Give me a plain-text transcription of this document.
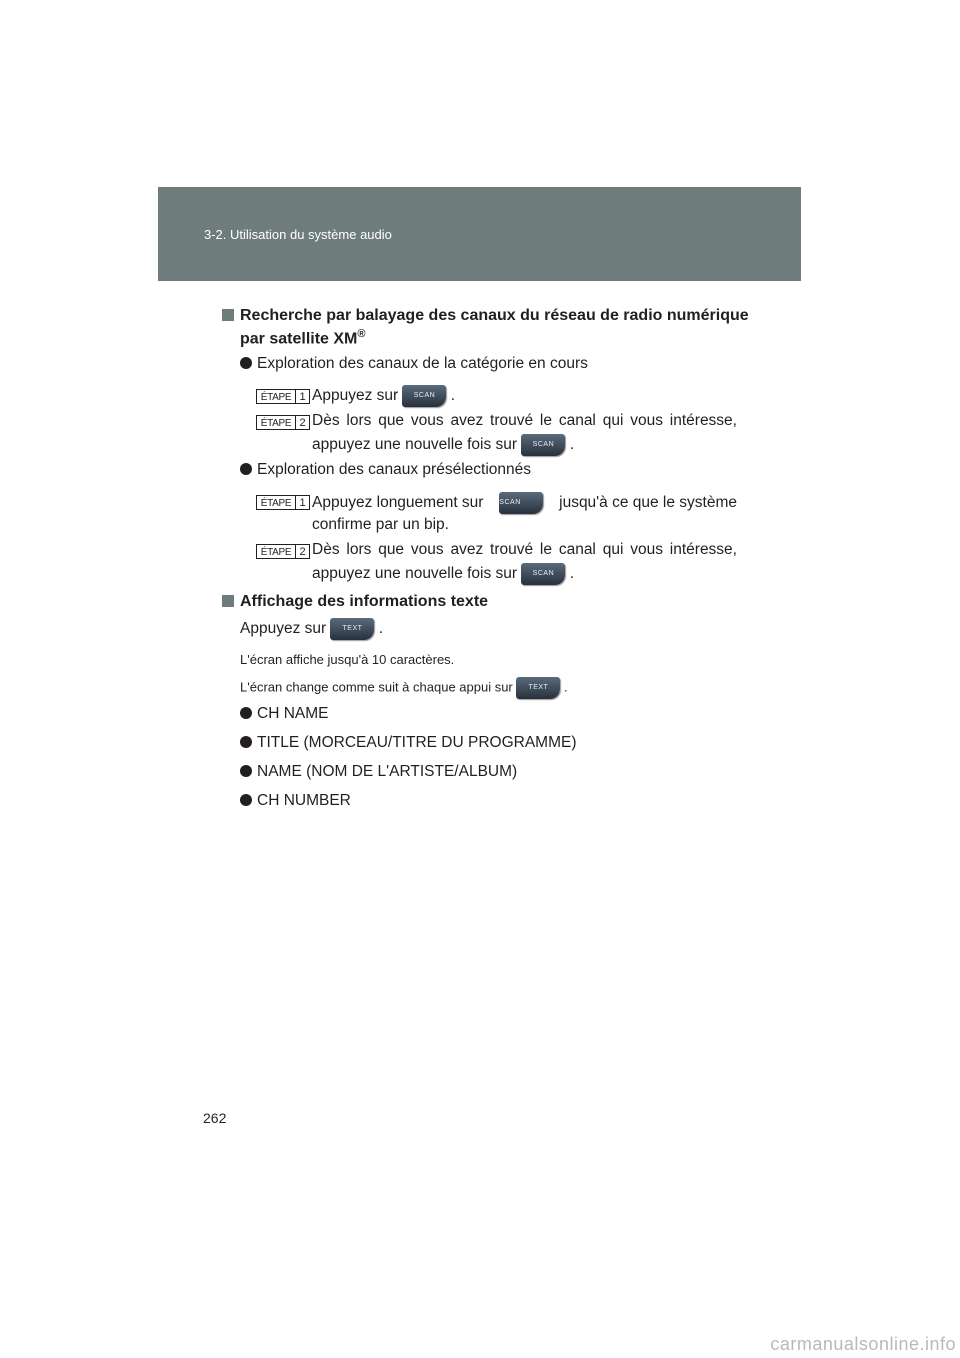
3-2. Utilisation du système audio
Recherche par balayage des canaux du réseau de radio numérique
par satellite XM®
Exploration des canaux de la catégorie en cours
ÉTAPE 1 Appuyez sur SCAN .
ÉTAPE 2 Dès lors que vous avez trouvé le canal qui vous intéresse,
appuyez une nouvelle fois sur SCAN .
Exploration des canaux présélectionnés
ÉTAPE 1 Appuyez longuement sur SCAN	jusqu'à ce que le système
confirme par un bip.
ÉTAPE 2 Dès lors que vous avez trouvé le canal qui vous intéresse,
appuyez une nouvelle fois sur SCAN .
Affichage des informations texte
Appuyez sur TEXT .
L'écran affiche jusqu'à 10 caractères.
L'écran change comme suit à chaque appui sur TEXT .
CH NAME
TITLE (MORCEAU/TITRE DU PROGRAMME)
NAME (NOM DE L'ARTISTE/ALBUM)
CH NUMBER
262
carmanualsonline.info
